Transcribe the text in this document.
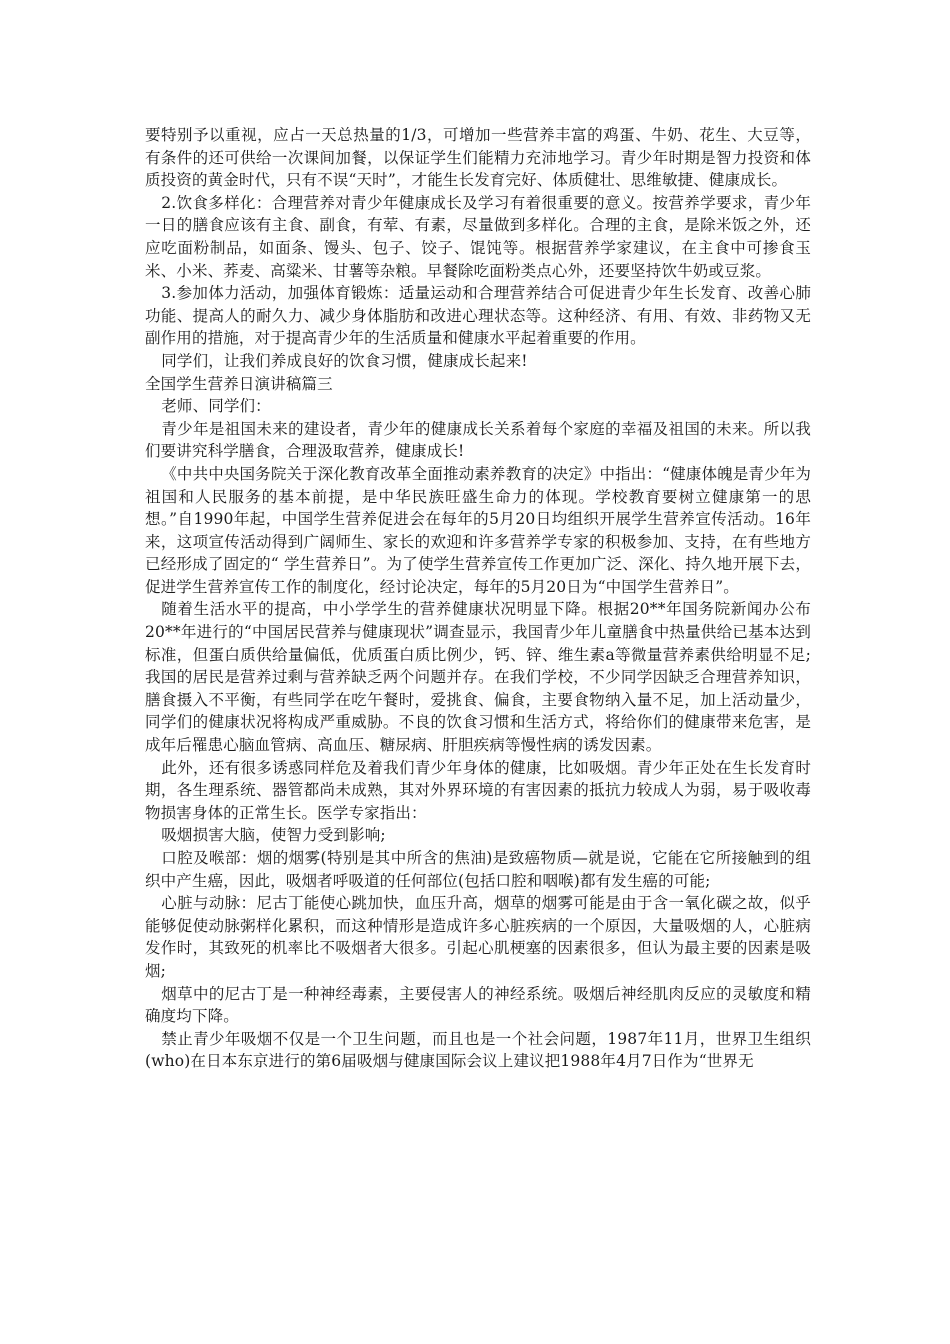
要特别予以重视，应占一天总热量的1/3，可增加一些营养丰富的鸡蛋、牛奶、花生、大豆等，有条件的还可供给一次课间加餐，以保证学生们能精力充沛地学习。青少年时期是智力投资和体质投资的黄金时代，只有不误“天时”，才能生长发育完好、体质健壮、思维敏捷、健康成长。

2.饮食多样化：合理营养对青少年健康成长及学习有着很重要的意义。按营养学要求，青少年一日的膳食应该有主食、副食，有荤、有素，尽量做到多样化。合理的主食，是除米饭之外，还应吃面粉制品，如面条、馒头、包子、饺子、馄饨等。根据营养学家建议，在主食中可掺食玉米、小米、荞麦、高粱米、甘薯等杂粮。早餐除吃面粉类点心外，还要坚持饮牛奶或豆浆。

3.参加体力活动，加强体育锻炼：适量运动和合理营养结合可促进青少年生长发育、改善心肺功能、提高人的耐久力、减少身体脂肪和改进心理状态等。这种经济、有用、有效、非药物又无副作用的措施，对于提高青少年的生活质量和健康水平起着重要的作用。

同学们，让我们养成良好的饮食习惯，健康成长起来!

全国学生营养日演讲稿篇三

老师、同学们：

青少年是祖国未来的建设者，青少年的健康成长关系着每个家庭的幸福及祖国的未来。所以我们要讲究科学膳食，合理汲取营养，健康成长!

《中共中央国务院关于深化教育改革全面推动素养教育的决定》中指出：“健康体魄是青少年为祖国和人民服务的基本前提，是中华民族旺盛生命力的体现。学校教育要树立健康第一的思想。”自1990年起，中国学生营养促进会在每年的5月20日均组织开展学生营养宣传活动。16年来，这项宣传活动得到广阔师生、家长的欢迎和许多营养学专家的积极参加、支持，在有些地方已经形成了固定的“ 学生营养日”。为了使学生营养宣传工作更加广泛、深化、持久地开展下去，促进学生营养宣传工作的制度化，经讨论决定，每年的5月20日为“中国学生营养日”。

随着生活水平的提高，中小学学生的营养健康状况明显下降。根据20**年国务院新闻办公布20**年进行的“中国居民营养与健康现状”调查显示，我国青少年儿童膳食中热量供给已基本达到标准，但蛋白质供给量偏低，优质蛋白质比例少，钙、锌、维生素a等微量营养素供给明显不足;我国的居民是营养过剩与营养缺乏两个问题并存。在我们学校，不少同学因缺乏合理营养知识，膳食摄入不平衡，有些同学在吃午餐时，爱挑食、偏食，主要食物纳入量不足，加上活动量少，同学们的健康状况将构成严重威胁。不良的饮食习惯和生活方式，将给你们的健康带来危害，是成年后罹患心脑血管病、高血压、糖尿病、肝胆疾病等慢性病的诱发因素。

此外，还有很多诱惑同样危及着我们青少年身体的健康，比如吸烟。青少年正处在生长发育时期，各生理系统、器管都尚未成熟，其对外界环境的有害因素的抵抗力较成人为弱，易于吸收毒物损害身体的正常生长。医学专家指出：

吸烟损害大脑，使智力受到影响;

口腔及喉部：烟的烟雾(特别是其中所含的焦油)是致癌物质—就是说，它能在它所接触到的组织中产生癌，因此，吸烟者呼吸道的任何部位(包括口腔和咽喉)都有发生癌的可能;

心脏与动脉：尼古丁能使心跳加快，血压升高，烟草的烟雾可能是由于含一氧化碳之故，似乎能够促使动脉粥样化累积，而这种情形是造成许多心脏疾病的一个原因，大量吸烟的人，心脏病发作时，其致死的机率比不吸烟者大很多。引起心肌梗塞的因素很多，但认为最主要的因素是吸烟;

烟草中的尼古丁是一种神经毒素，主要侵害人的神经系统。吸烟后神经肌肉反应的灵敏度和精确度均下降。

禁止青少年吸烟不仅是一个卫生问题，而且也是一个社会问题，1987年11月，世界卫生组织(who)在日本东京进行的第6届吸烟与健康国际会议上建议把1988年4月7日作为“世界无
